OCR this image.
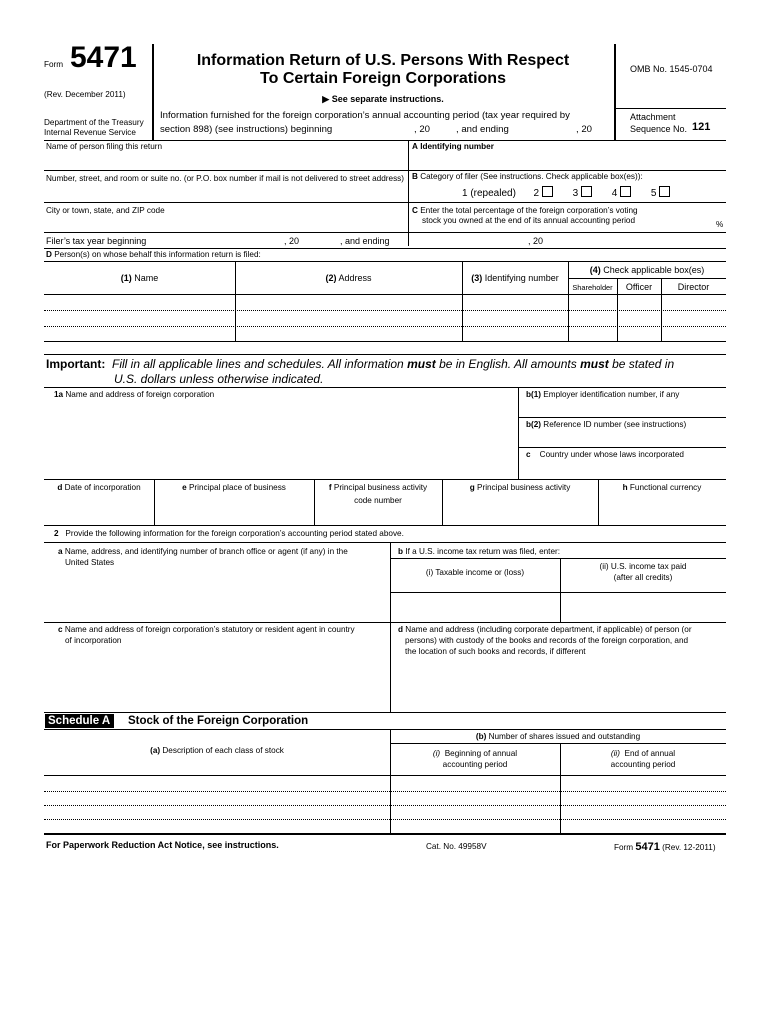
Form 5471
(Rev. December 2011)
Department of the Treasury
Internal Revenue Service
Information Return of U.S. Persons With Respect
To Certain Foreign Corporations
▶ See separate instructions.
Information furnished for the foreign corporation’s annual accounting period (tax year required by
section 898) (see instructions) beginning	, 20	, and ending	, 20
OMB No. 1545-0704
Attachment
Sequence No. 121
Name of person filing this return	A Identifying number
Number, street, and room or suite no. (or P.O. box number if mail is not delivered to street address) B Category of filer (See instructions. Check applicable box(es)):
1 (repealed) 2	3	4	5
City or town, state, and ZIP code	C Enter the total percentage of the foreign corporation’s voting
stock you owned at the end of its annual accounting period	%
Filer’s tax year beginning	, 20	, and ending	, 20
D Person(s) on whose behalf this information return is filed:
(1) Name	(2) Address	(3) Identifying number
(4) Check applicable box(es)
Shareholder	Officer	Director
Important: Fill in all applicable lines and schedules. All information must be in English. All amounts must be stated in
U.S. dollars unless otherwise indicated.
1a Name and address of foreign corporation	b(1) Employer identification number, if any
b(2) Reference ID number (see instructions)
c Country under whose laws incorporated
d Date of incorporation	e Principal place of business	f Principal business activity
code number
g Principal business activity	h Functional currency
2 Provide the following information for the foreign corporation’s accounting period stated above.
a Name, address, and identifying number of branch office or agent (if any) in the
United States
b If a U.S. income tax return was filed, enter:
(i) Taxable income or (loss)
(ii) U.S. income tax paid
(after all credits)
c Name and address of foreign corporation’s statutory or resident agent in country
of incorporation
d Name and address (including corporate department, if applicable) of person (or
persons) with custody of the books and records of the foreign corporation, and
the location of such books and records, if different
Schedule A	Stock of the Foreign Corporation
(b) Number of shares issued and outstanding
(a) Description of each class of stock	(i) Beginning of annual
accounting period
(ii) End of annual
accounting period
For Paperwork Reduction Act Notice, see instructions.	Cat. No. 49958V	Form 5471 (Rev. 12-2011)
